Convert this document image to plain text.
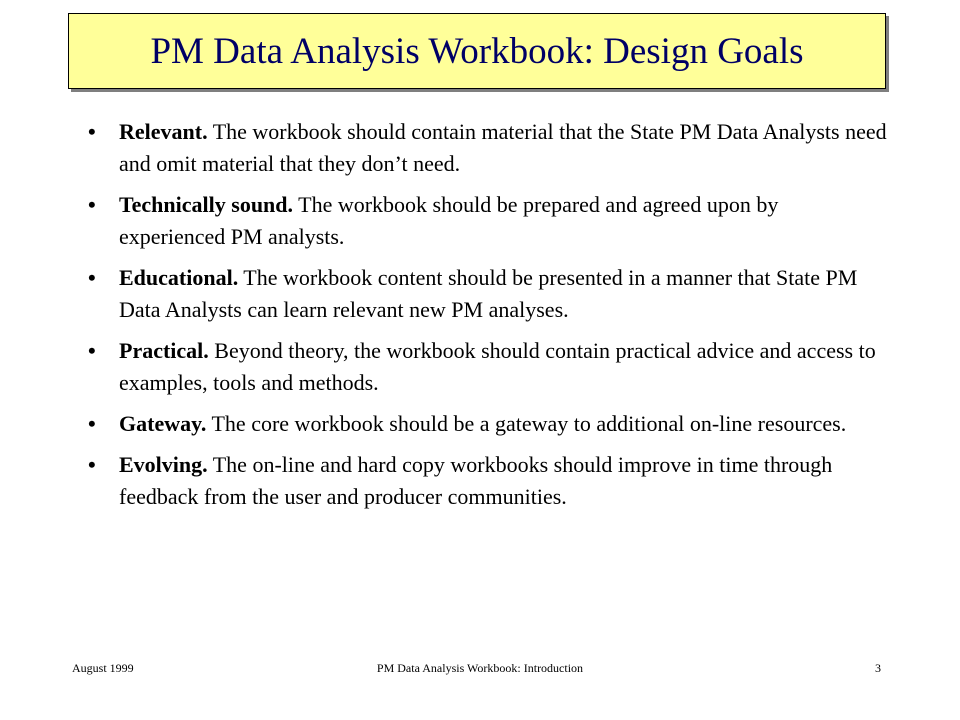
PM Data Analysis Workbook: Design Goals
• Relevant. The workbook should contain material that the State PM Data Analysts need and omit material that they don’t need.
• Technically sound. The workbook should be prepared and agreed upon by experienced PM analysts.
• Educational. The workbook content should be presented in a manner that State PM Data Analysts can learn relevant new PM analyses.
• Practical. Beyond theory, the workbook should contain practical advice and access to examples, tools and methods.
• Gateway. The core workbook should be a gateway to additional on-line resources.
• Evolving. The on-line and hard copy workbooks should improve in time through feedback from the user and producer communities.
August 1999	PM Data Analysis Workbook: Introduction	3
